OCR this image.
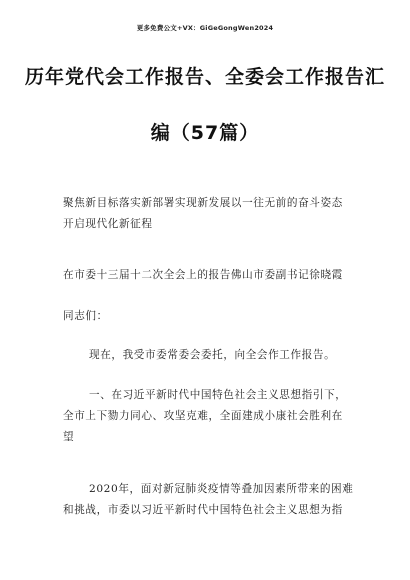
更多免费公文+VX：GiGeGongWen2024
历年党代会工作报告、全委会工作报告汇
编（57篇）
聚焦新目标落实新部署实现新发展以一往无前的奋斗姿态
开启现代化新征程
在市委十三届十二次全会上的报告佛山市委副书记徐晓霞
同志们：
现在，我受市委常委会委托，向全会作工作报告。
一、在习近平新时代中国特色社会主义思想指引下，
全市上下勠力同心、攻坚克难，全面建成小康社会胜利在
望
2020年，面对新冠肺炎疫情等叠加因素所带来的困难
和挑战，市委以习近平新时代中国特色社会主义思想为指
